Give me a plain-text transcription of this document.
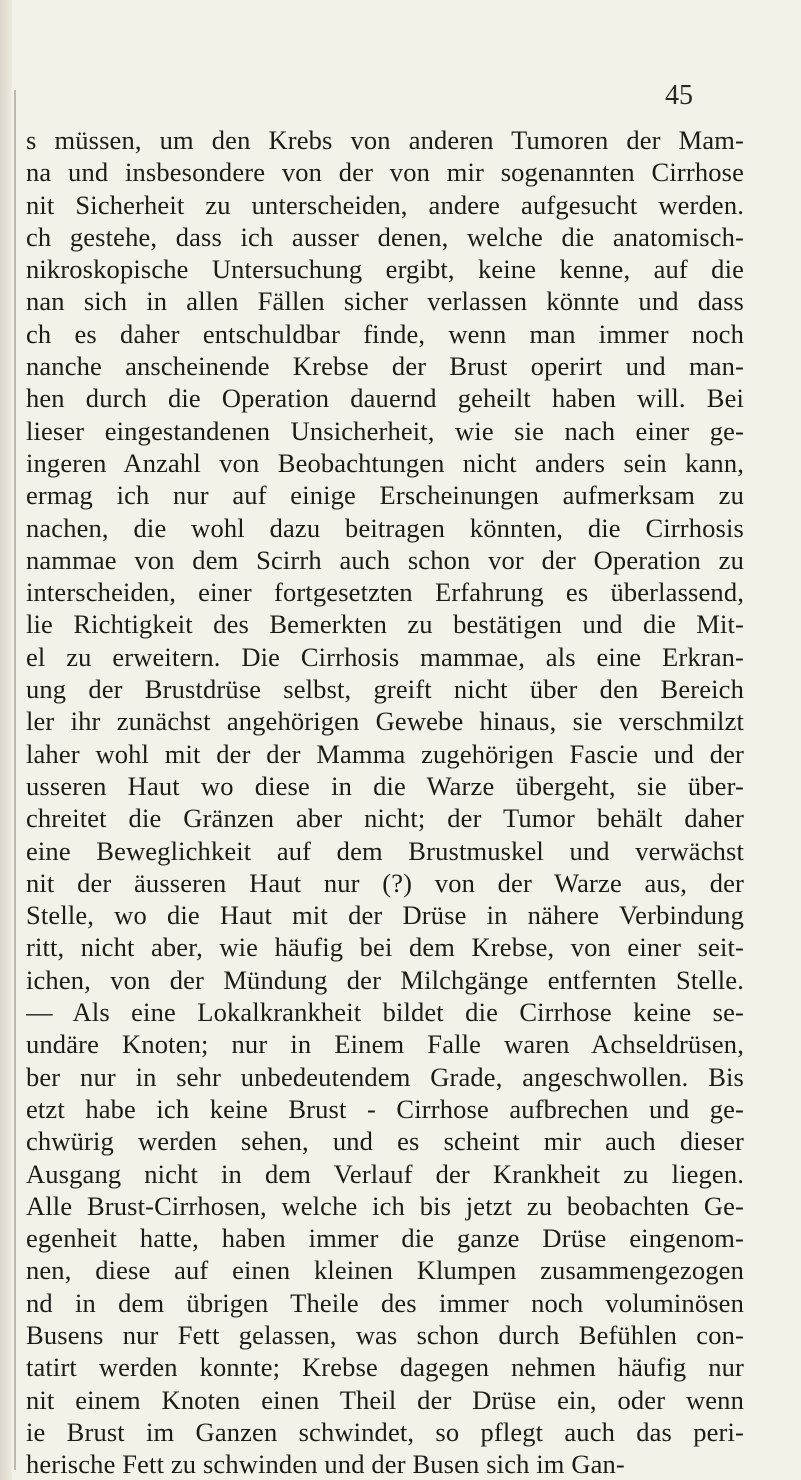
45
s müssen, um den Krebs von anderen Tumoren der Mam-
na und insbesondere von der von mir sogenannten Cirrhose
nit Sicherheit zu unterscheiden, andere aufgesucht werden.
ch gestehe, dass ich ausser denen, welche die anatomisch-
nikroskopische Untersuchung ergibt, keine kenne, auf die
nan sich in allen Fällen sicher verlassen könnte und dass
ch es daher entschuldbar finde, wenn man immer noch
nanche anscheinende Krebse der Brust operirt und man-
hen durch die Operation dauernd geheilt haben will. Bei
lieser eingestandenen Unsicherheit, wie sie nach einer ge-
ingeren Anzahl von Beobachtungen nicht anders sein kann,
ermag ich nur auf einige Erscheinungen aufmerksam zu
nachen, die wohl dazu beitragen könnten, die Cirrhosis
nammae von dem Scirrh auch schon vor der Operation zu
interscheiden, einer fortgesetzten Erfahrung es überlassend,
lie Richtigkeit des Bemerkten zu bestätigen und die Mit-
el zu erweitern. Die Cirrhosis mammae, als eine Erkran-
ung der Brustdrüse selbst, greift nicht über den Bereich
ler ihr zunächst angehörigen Gewebe hinaus, sie verschmilzt
laher wohl mit der der Mamma zugehörigen Fascie und der
usseren Haut wo diese in die Warze übergeht, sie über-
chreitet die Gränzen aber nicht; der Tumor behält daher
eine Beweglichkeit auf dem Brustmuskel und verwächst
nit der äusseren Haut nur (?) von der Warze aus, der
Stelle, wo die Haut mit der Drüse in nähere Verbindung
ritt, nicht aber, wie häufig bei dem Krebse, von einer seit-
ichen, von der Mündung der Milchgänge entfernten Stelle.
— Als eine Lokalkrankheit bildet die Cirrhose keine se-
undäre Knoten; nur in Einem Falle waren Achseldrüsen,
ber nur in sehr unbedeutendem Grade, angeschwollen. Bis
etzt habe ich keine Brust - Cirrhose aufbrechen und ge-
chwürig werden sehen, und es scheint mir auch dieser
Ausgang nicht in dem Verlauf der Krankheit zu liegen.
Alle Brust-Cirrhosen, welche ich bis jetzt zu beobachten Ge-
egenheit hatte, haben immer die ganze Drüse eingenom-
nen, diese auf einen kleinen Klumpen zusammengezogen
nd in dem übrigen Theile des immer noch voluminösen
Busens nur Fett gelassen, was schon durch Befühlen con-
tatirt werden konnte; Krebse dagegen nehmen häufig nur
nit einem Knoten einen Theil der Drüse ein, oder wenn
ie Brust im Ganzen schwindet, so pflegt auch das peri-
herische Fett zu schwinden und der Busen sich im Gan-
